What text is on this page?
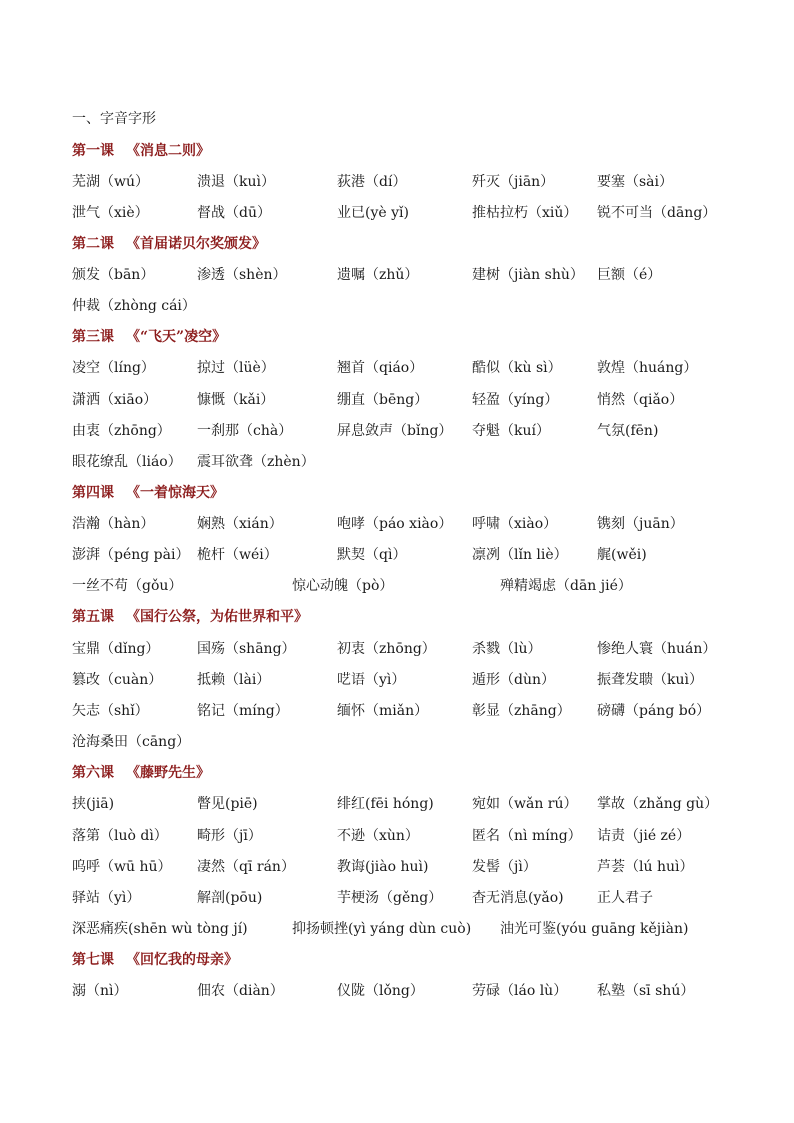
一、字音字形
第一课 《消息二则》
芜湖（wú）	溃退（kuì）	荻港（dí）	歼灭（jiān）	要塞（sài）
泄气（xiè）	督战（dū）	业已(yè yǐ)	推枯拉朽（xiǔ） 锐不可当（dāng）
第二课 《首届诺贝尔奖颁发》
颁发（bān）	渗透（shèn）	遗嘱（zhǔ）	建树（jiàn shù） 巨额（é）
仲裁（zhòng cái）
第三课 《“飞天”凌空》
凌空（líng）	掠过（lüè）	翘首（qiáo）	酷似（kù sì）	敦煌（huáng）
潇洒（xiāo）	慷慨（kǎi）	绷直（bēng）	轻盈（yíng）	悄然（qiǎo）
由衷（zhōng） 一刹那（chà）	屏息敛声（bǐng） 夺魁（kuí）	气氛(fēn)
眼花缭乱（liáo） 震耳欲聋（zhèn）
第四课 《一着惊海天》
浩瀚（hàn）	娴熟（xián）	咆哮（páo xiào） 呼啸（xiào）	镌刻（juān）
澎湃（péng pài） 桅杆（wéi）	默契（qì）	凛冽（lǐn liè） 艉(wěi)
一丝不苟（gǒu）	惊心动魄（pò）	殚精竭虑（dān jié）
第五课 《国行公祭，为佑世界和平》
宝鼎（dǐng）	国殇（shāng）	初衷（zhōng）	杀戮（lù）	惨绝人寰（huán）
篡改（cuàn） 抵赖（lài）	呓语（yì）	遁形（dùn）	振聋发聩（kuì）
矢志（shǐ）	铭记（míng）	缅怀（miǎn）	彰显（zhāng） 磅礴（páng bó）
沧海桑田（cāng）
第六课 《藤野先生》
挟(jiā)	瞥见(piē)	绯红(fēi hóng)	宛如（wǎn rú） 掌故（zhǎng gù）
落第（luò dì） 畸形（jī）	不逊（xùn）	匿名（nì míng） 诘责（jié zé）
呜呼（wū hū） 凄然（qī rán）	教诲(jiào huì)	发髻（jì）	芦荟（lú huì）
驿站（yì）	解剖(pōu)	芋梗汤（gěng） 杳无消息(yǎo) 正人君子
深恶痛疾(shēn wù tòng jí)	抑扬顿挫(yì yáng dùn cuò) 油光可鉴(yóu guāng kějiàn)
第七课 《回忆我的母亲》
溺（nì）	佃农（diàn）	仪陇（lǒng）	劳碌（láo lù） 私塾（sī shú）
